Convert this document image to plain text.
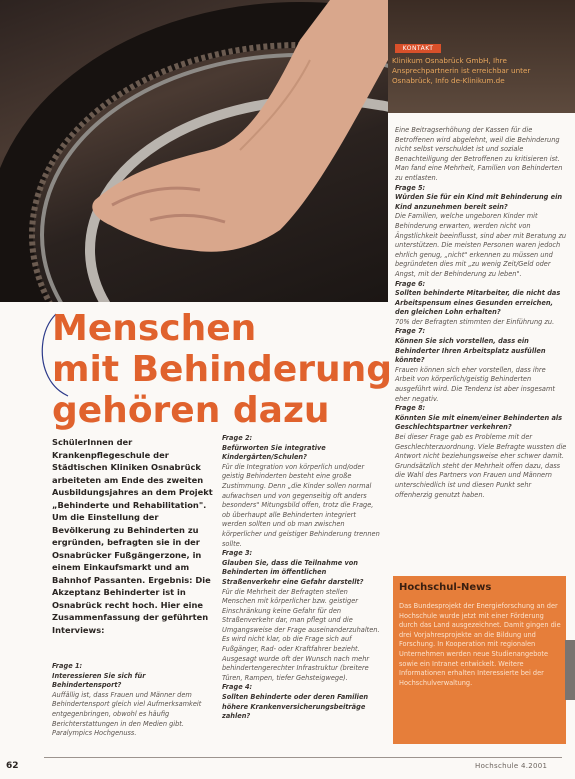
KONTAKT
Klinikum Osnabrück GmbH, Ihre Ansprechpartnerin ist erreichbar unter Osnabrück, Info de-Klinikum.de
Menschen
mit Behinderung
gehören dazu
SchülerInnen der Krankenpflegeschule der Städtischen Kliniken Osnabrück arbeiteten am Ende des zweiten Ausbildungsjahres an dem Projekt „Behinderte und Rehabilitation". Um die Einstellung der Bevölkerung zu Behinderten zu ergründen, befragten sie in der Osnabrücker Fußgängerzone, in einem Einkaufsmarkt und am Bahnhof Passanten. Ergebnis: Die Akzeptanz Behinderter ist in Osnabrück recht hoch. Hier eine Zusammenfassung der geführten Interviews:

Frage 1:

Interessieren Sie sich für Behindertensport?

Auffällig ist, dass Frauen und Männer dem Behindertensport gleich viel Aufmerksamkeit entgegenbringen, obwohl es häufig Berichterstattungen in den Medien gibt. Paralympics Hochgenuss.

Frage 2:

Befürworten Sie integrative Kindergärten/Schulen?

Für die Integration von körperlich und/oder geistig Behinderten besteht eine große Zustimmung. Denn „die Kinder sollen normal aufwachsen und von gegenseitig oft anders besonders" Mitungsbild offen, trotz die Frage, ob überhaupt alle Behinderten integriert werden sollten und ob man zwischen körperlicher und geistiger Behinderung trennen sollte.

Frage 3:

Glauben Sie, dass die Teilnahme von Behinderten im öffentlichen Straßenverkehr eine Gefahr darstellt?

Für die Mehrheit der Befragten stellen Menschen mit körperlicher bzw. geistiger Einschränkung keine Gefahr für den Straßenverkehr dar, man pflegt und die Umgangsweise der Frage auseinanderzuhalten. Es wird nicht klar, ob die Frage sich auf Fußgänger, Rad- oder Kraftfahrer bezieht. Ausgesagt wurde oft der Wunsch nach mehr behindertengerechter Infrastruktur (breitere Türen, Rampen, tiefer Gehsteigwege).

Frage 4:

Sollten Behinderte oder deren Familien höhere Krankenversicherungsbeiträge zahlen?

Eine Beitragserhöhung der Kassen für die Betroffenen wird abgelehnt, weil die Behinderung nicht selbst verschuldet ist und soziale Benachteiligung der Betroffenen zu kritisieren ist. Man fand eine Mehrheit, Familien von Behinderten zu entlasten.

Frage 5:

Würden Sie für ein Kind mit Behinderung ein Kind anzunehmen bereit sein?

Die Familien, welche ungeboren Kinder mit Behinderung erwarten, werden nicht von Ängstlichkeit beeinflusst, sind aber mit Beratung zu unterstützen. Die meisten Personen waren jedoch ehrlich genug, „nicht" erkennen zu müssen und begründeten dies mit „zu wenig Zeit/Geld oder Angst, mit der Behinderung zu leben".

Frage 6:

Sollten behinderte Mitarbeiter, die nicht das Arbeitspensum eines Gesunden erreichen, den gleichen Lohn erhalten?

70% der Befragten stimmten der Einführung zu.

Frage 7:

Können Sie sich vorstellen, dass ein Behinderter Ihren Arbeitsplatz ausfüllen könnte?

Frauen können sich eher vorstellen, dass ihre Arbeit von körperlich/geistig Behinderten ausgeführt wird. Die Tendenz ist aber insgesamt eher negativ.

Frage 8:

Könnten Sie mit einem/einer Behinderten als Geschlechtspartner verkehren?

Bei dieser Frage gab es Probleme mit der Geschlechterzuordnung. Viele Befragte wussten die Antwort nicht beziehungsweise eher schwer damit. Grundsätzlich steht der Mehrheit offen dazu, dass die Wahl des Partners von Frauen und Männern unterschiedlich ist und diesen Punkt sehr offenherzig genutzt haben.

Hochschul-News
Das Bundesprojekt der Energieforschung an der Hochschule wurde jetzt mit einer Förderung durch das Land ausgezeichnet. Damit gingen die drei Vorjahresprojekte an die Bildung und Forschung. In Kooperation mit regionalen Unternehmen werden neue Studienangebote sowie ein Intranet entwickelt. Weitere Informationen erhalten Interessierte bei der Hochschulverwaltung.
62	Hochschule 4.2001
